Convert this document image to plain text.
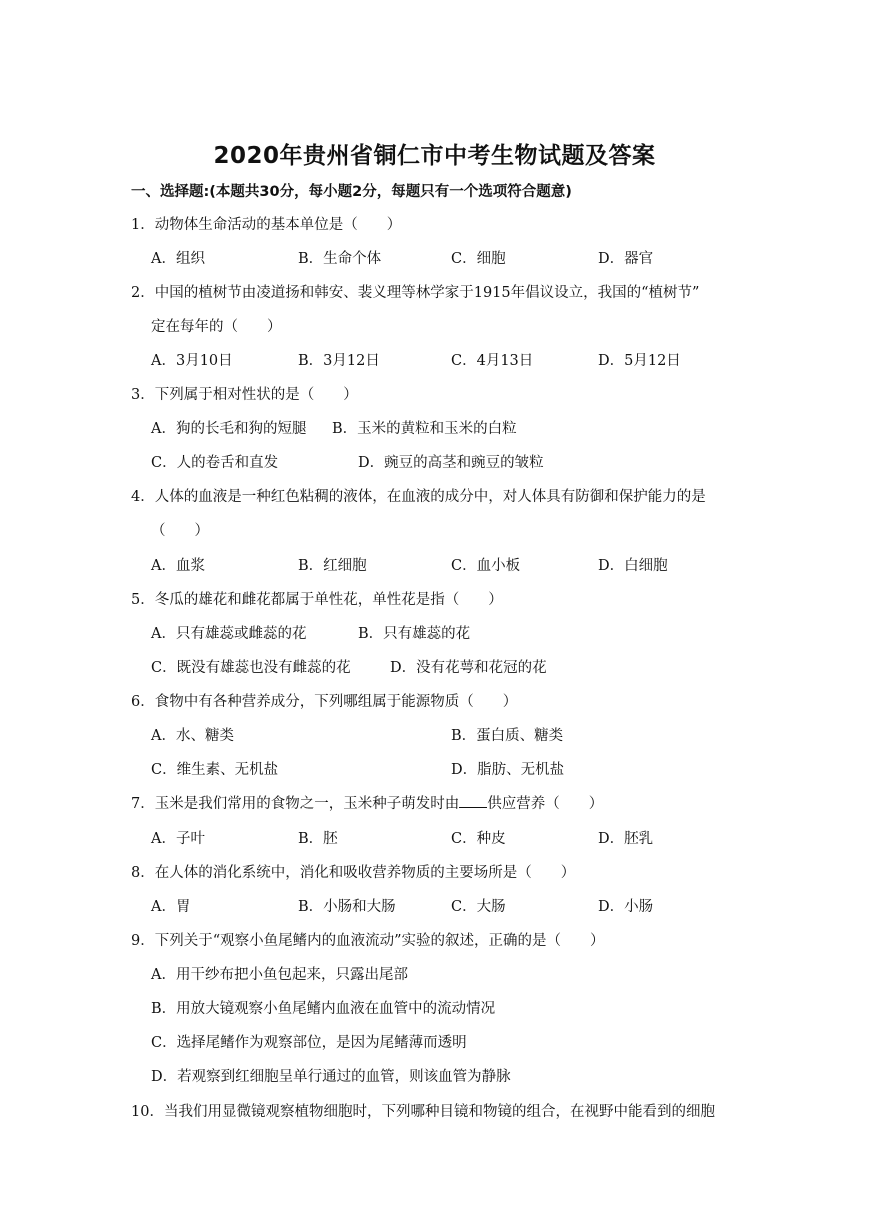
2020年贵州省铜仁市中考生物试题及答案
一、选择题:(本题共30分，每小题2分，每题只有一个选项符合题意)
1．动物体生命活动的基本单位是（　　）
A．组织	B．生命个体	C．细胞	D．器官
2．中国的植树节由凌道扬和韩安、裴义理等林学家于1915年倡议设立，我国的“植树节”
定在每年的（　　）
A．3月10日	B．3月12日	C．4月13日	D．5月12日
3．下列属于相对性状的是（　　）
A．狗的长毛和狗的短腿 B．玉米的黄粒和玉米的白粒
C．人的卷舌和直发	D．豌豆的高茎和豌豆的皱粒
4．人体的血液是一种红色粘稠的液体，在血液的成分中，对人体具有防御和保护能力的是
（　　）
A．血浆	B．红细胞	C．血小板	D．白细胞
5．冬瓜的雄花和雌花都属于单性花，单性花是指（　　）
A．只有雄蕊或雌蕊的花	B．只有雄蕊的花
C．既没有雄蕊也没有雌蕊的花	D．没有花萼和花冠的花
6．食物中有各种营养成分，下列哪组属于能源物质（　　）
A．水、糖类	B．蛋白质、糖类
C．维生素、无机盐	D．脂肪、无机盐
7．玉米是我们常用的食物之一，玉米种子萌发时由 供应营养（　　）
A．子叶	B．胚	C．种皮	D．胚乳
8．在人体的消化系统中，消化和吸收营养物质的主要场所是（　　）
A．胃	B．小肠和大肠	C．大肠	D．小肠
9．下列关于“观察小鱼尾鳍内的血液流动”实验的叙述，正确的是（　　）
A．用干纱布把小鱼包起来，只露出尾部
B．用放大镜观察小鱼尾鳍内血液在血管中的流动情况
C．选择尾鳍作为观察部位，是因为尾鳍薄而透明
D．若观察到红细胞呈单行通过的血管，则该血管为静脉
10．当我们用显微镜观察植物细胞时，下列哪种目镜和物镜的组合，在视野中能看到的细胞
